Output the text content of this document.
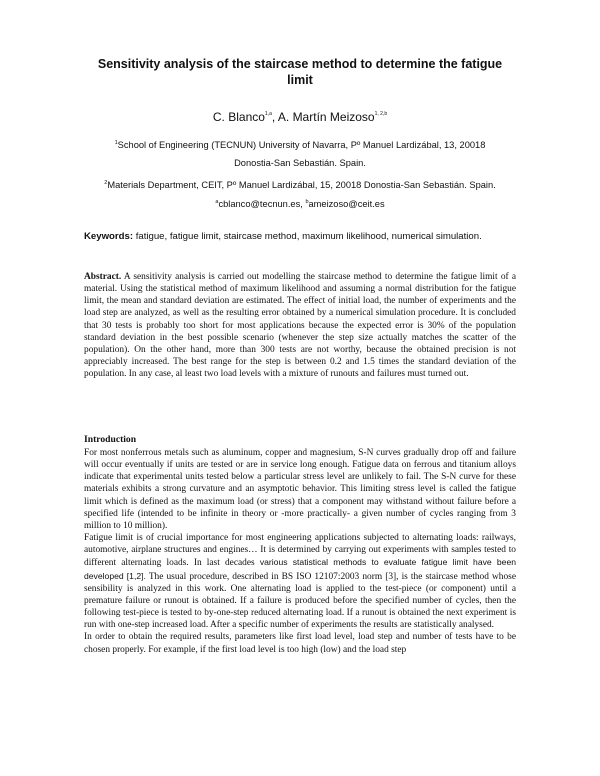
Sensitivity analysis of the staircase method to determine the fatigue limit
C. Blanco$^{1,a}$, A. Martín Meizoso$^{1, 2,b}$
$^1$School of Engineering (TECNUN) University of Navarra, Pº Manuel Lardizábal, 13, 20018
Donostia-San Sebastián. Spain.
$^2$Materials Department, CEIT, Pº Manuel Lardizábal, 15, 20018 Donostia-San Sebastián. Spain.
$^a$cblanco@tecnun.es, $^b$ameizoso@ceit.es
Keywords: fatigue, fatigue limit, staircase method, maximum likelihood, numerical simulation.
Abstract. A sensitivity analysis is carried out modelling the staircase method to determine the fatigue limit of a material. Using the statistical method of maximum likelihood and assuming a normal distribution for the fatigue limit, the mean and standard deviation are estimated. The effect of initial load, the number of experiments and the load step are analyzed, as well as the resulting error obtained by a numerical simulation procedure. It is concluded that 30 tests is probably too short for most applications because the expected error is 30% of the population standard deviation in the best possible scenario (whenever the step size actually matches the scatter of the population). On the other hand, more than 300 tests are not worthy, because the obtained precision is not appreciably increased. The best range for the step is between 0.2 and 1.5 times the standard deviation of the population. In any case, al least two load levels with a mixture of runouts and failures must turned out.
Introduction

For most nonferrous metals such as aluminum, copper and magnesium, S-N curves gradually drop off and failure will occur eventually if units are tested or are in service long enough. Fatigue data on ferrous and titanium alloys indicate that experimental units tested below a particular stress level are unlikely to fail. The S-N curve for these materials exhibits a strong curvature and an asymptotic behavior. This limiting stress level is called the fatigue limit which is defined as the maximum load (or stress) that a component may withstand without failure before a specified life (intended to be infinite in theory or -more practically- a given number of cycles ranging from 3 million to 10 million).

Fatigue limit is of crucial importance for most engineering applications subjected to alternating loads: railways, automotive, airplane structures and engines… It is determined by carrying out experiments with samples tested to different alternating loads. In last decades various statistical methods to evaluate fatigue limit have been developed [1,2]. The usual procedure, described in BS ISO 12107:2003 norm [3], is the staircase method whose sensibility is analyzed in this work. One alternating load is applied to the test-piece (or component) until a premature failure or runout is obtained. If a failure is produced before the specified number of cycles, then the following test-piece is tested to by-one-step reduced alternating load. If a runout is obtained the next experiment is run with one-step increased load. After a specific number of experiments the results are statistically analysed.

In order to obtain the required results, parameters like first load level, load step and number of tests have to be chosen properly. For example, if the first load level is too high (low) and the load step
